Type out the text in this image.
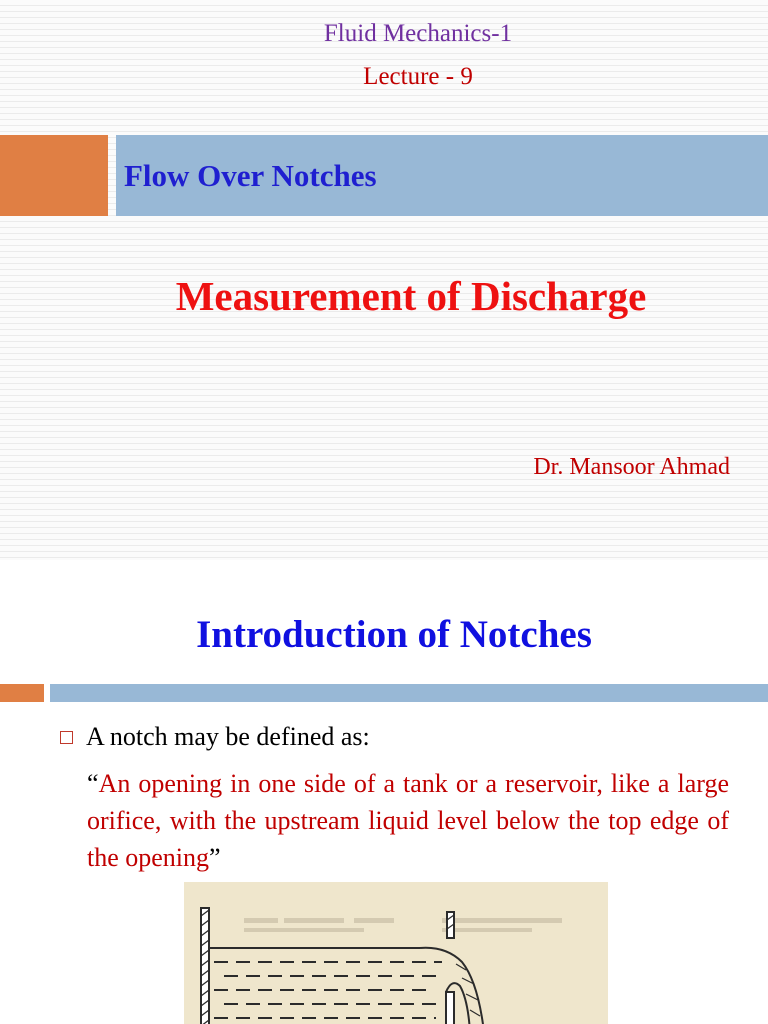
Fluid Mechanics-1
Lecture - 9
Flow Over Notches
Measurement of Discharge
Dr. Mansoor Ahmad
Introduction of Notches
A notch may be defined as:
“An opening in one side of a tank or a reservoir, like a large orifice, with the upstream liquid level below the top edge of the opening”
